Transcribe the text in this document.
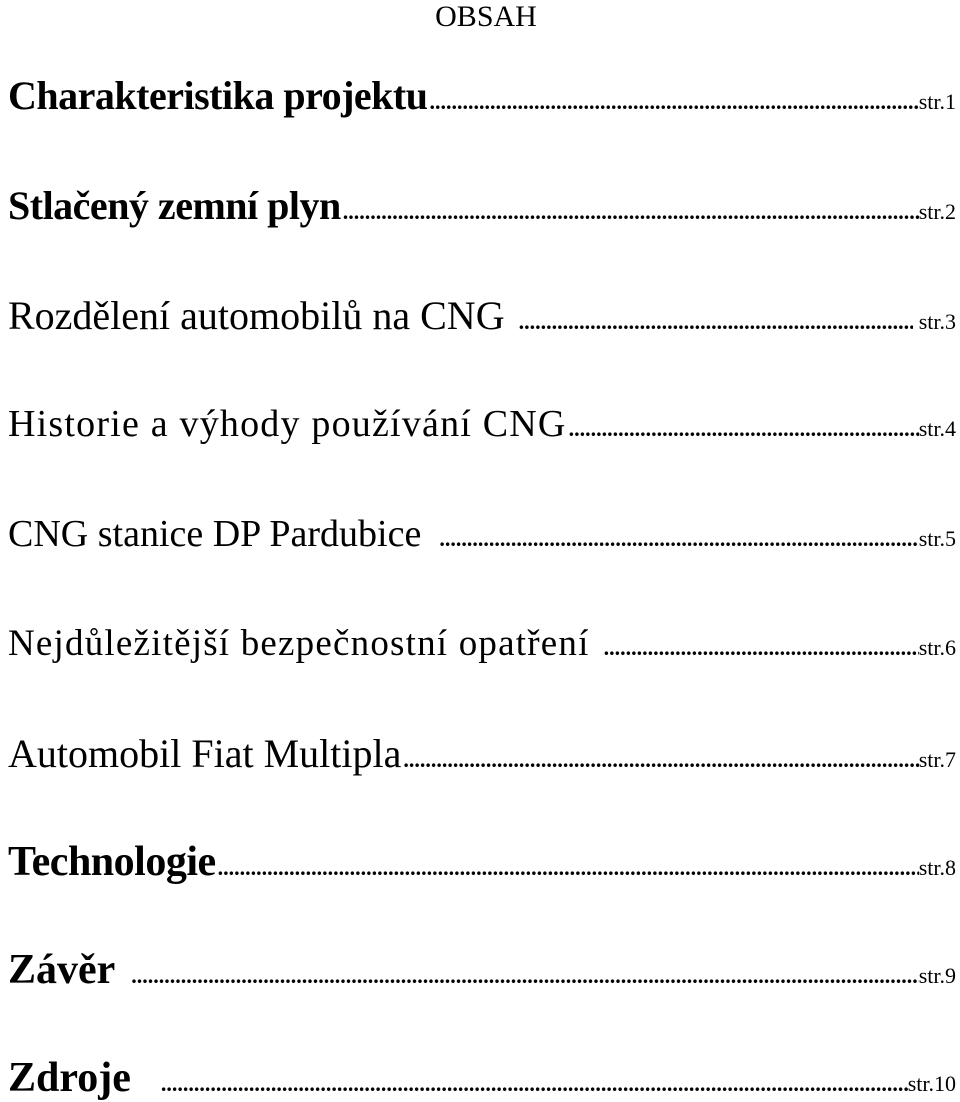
OBSAH
Charakteristika projektu .....	str.1
Stlačený zemní plyn .....	str.2
Rozdělení automobilů na CNG .....	str.3
Historie a výhody používání CNG .....	str.4
CNG stanice DP Pardubice .....	str.5
Nejdůležitější bezpečnostní opatření .....	str.6
Automobil Fiat Multipla .....	str.7
Technologie .....	str.8
Závěr .....	str.9
Zdroje .....	str.10
